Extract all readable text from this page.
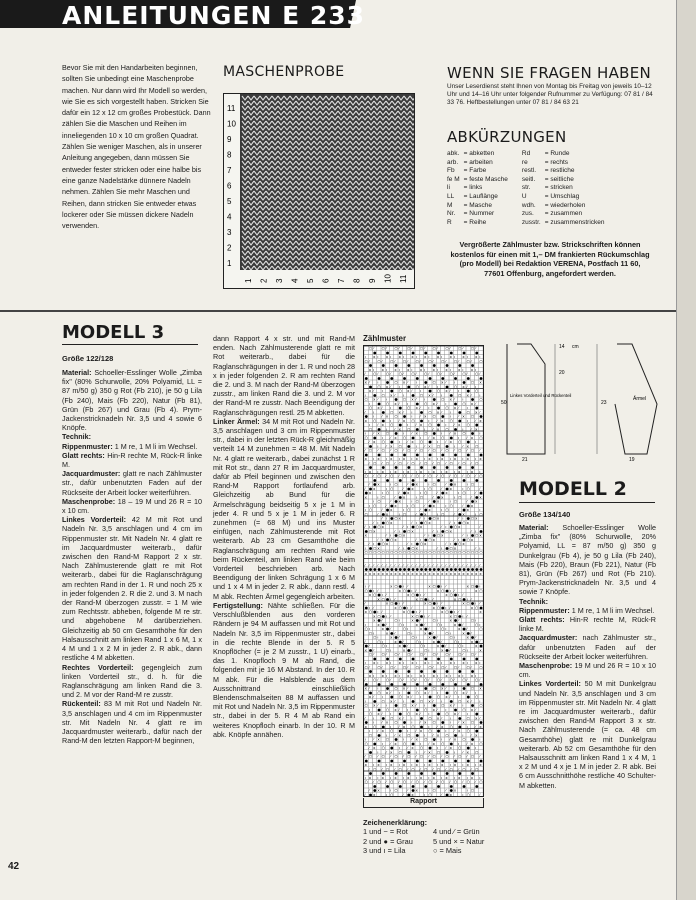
ANLEITUNGEN E 233

Bevor Sie mit den Handarbeiten beginnen, sollten Sie unbedingt eine Maschenprobe machen. Nur dann wird Ihr Modell so werden, wie Sie es sich vorgestellt haben. Stricken Sie dafür ein 12 x 12 cm großes Probestück. Dann zählen Sie die Maschen und Reihen im inneliegenden 10 x 10 cm großen Quadrat. Zählen Sie weniger Maschen, als in unserer Anleitung angegeben, dann müssen Sie entweder fester stricken oder eine halbe bis eine ganze Nadelstärke dünnere Nadeln nehmen. Zählen Sie mehr Maschen und Reihen, dann stricken Sie entweder etwas lockerer oder Sie müssen dickere Nadeln verwenden.

MASCHENPROBE
1
2
3
4
5
6
7
8
9
10
11
1 2 3 4 5 6 7 8 9 10 11
WENN SIE FRAGEN HABEN

Unser Leserdienst steht Ihnen von Montag bis Freitag von jeweils 10–12 Uhr und 14–16 Uhr unter folgender Rufnummer zu Verfügung: 07 81 / 84 33 76. Heftbestellungen unter 07 81 / 84 63 21

ABKÜRZUNGEN
abk.	= abketten	Rd	= Runde
arb.	= arbeiten	re	= rechts
Fb	= Farbe	restl.	= restliche
fe M	= feste Masche	seitl.	= seitliche
li	= links	str.	= stricken
LL	= Lauflänge	U	= Umschlag
M	= Masche	wdh.	= wiederholen
Nr.	= Nummer	zus.	= zusammen
R	= Reihe	zusstr.	= zusammenstricken

Vergrößerte Zählmuster bzw. Strickschriften können kostenlos für einen mit 1,– DM frankierten Rückumschlag (pro Modell) bei Redaktion VERENA, Postfach 11 60, 77601 Offenburg, angefordert werden.

MODELL 3
Größe 122/128
Material: Schoeller-Esslinger Wolle „Zimba fix" (80% Schurwolle, 20% Polyamid, LL = 87 m/50 g) 350 g Rot (Fb 210), je 50 g Lila (Fb 240), Mais (Fb 220), Natur (Fb 81), Grün (Fb 267) und Grau (Fb 4). Prym-Jackenstricknadeln Nr. 3,5 und 4 sowie 6 Knöpfe.
Technik:
Rippenmuster: 1 M re, 1 M li im Wechsel.
Glatt rechts: Hin-R rechte M, Rück-R linke M.
Jacquardmuster: glatt re nach Zählmuster str., dafür unbenutzten Faden auf der Rückseite der Arbeit locker weiterführen.
Maschenprobe: 18 – 19 M und 26 R = 10 x 10 cm.
Linkes Vorderteil: 42 M mit Rot und Nadeln Nr. 3,5 anschlagen und 4 cm im Rippenmuster str. Mit Nadeln Nr. 4 glatt re im Jacquardmuster weiterarb., dafür zwischen den Rand-M Rapport 2 x str. Nach Zählmusterende glatt re mit Rot weiterarb., dabei für die Raglanschrägung am rechten Rand in der 1. R und noch 25 x in jeder folgenden 2. R die 2. und 3. M nach der Rand-M überzogen zusstr. = 1 M wie zum Rechtsstr. abheben, folgende M re str. und abgehobene M darüberziehen. Gleichzeitig ab 50 cm Gesamthöhe für den Halsausschnitt am linken Rand 1 x 6 M, 1 x 4 M und 1 x 2 M in jeder 2. R abk., dann restliche 4 M abketten.
Rechtes Vorderteil: gegengleich zum linken Vorderteil str., d. h. für die Raglanschrägung am linken Rand die 3. und 2. M vor der Rand-M re zusstr.
Rückenteil: 83 M mit Rot und Nadeln Nr. 3,5 anschlagen und 4 cm im Rippenmuster str. Mit Nadeln Nr. 4 glatt re im Jacquardmuster weiterarb., dafür nach der Rand-M den letzten Rapport-M beginnen,
dann Rapport 4 x str. und mit Rand-M enden. Nach Zählmusterende glatt re mit Rot weiterarb., dabei für die Raglanschrägungen in der 1. R und noch 28 x in jeder folgenden 2. R am rechten Rand die 2. und 3. M nach der Rand-M überzogen zusstr., am linken Rand die 3. und 2. M vor der Rand-M re zusstr. Nach Beendigung der Raglanschrägungen restl. 25 M abketten.
Linker Ärmel: 34 M mit Rot und Nadeln Nr. 3,5 anschlagen und 3 cm im Rippenmuster str., dabei in der letzten Rück-R gleichmäßig verteilt 14 M zunehmen = 48 M. Mit Nadeln Nr. 4 glatt re weiterarb., dabei zunächst 1 R mit Rot str., dann 27 R im Jacquardmuster, dafür ab Pfeil beginnen und zwischen den Rand-M Rapport fortlaufend arb. Gleichzeitig ab Bund für die Ärmelschrägung beidseitig 5 x je 1 M in jeder 4. R und 5 x je 1 M in jeder 6. R zunehmen (= 68 M) und ins Muster einfügen, nach Zählmusterende mit Rot weiterarb. Ab 23 cm Gesamthöhe die Raglanschrägung am rechten Rand wie beim Rückenteil, am linken Rand wie beim Vorderteil beschrieben arb. Nach Beendigung der linken Schrägung 1 x 6 M und 1 x 4 M in jeder 2. R abk., dann restl. 4 M abk. Rechten Ärmel gegengleich arbeiten.
Fertigstellung: Nähte schließen. Für die Verschlußblenden aus den vorderen Rändern je 94 M auffassen und mit Rot und Nadeln Nr. 3,5 im Rippenmuster str., dabei in die rechte Blende in der 5. R 5 Knopflöcher (= je 2 M zusstr., 1 U) einarb., das 1. Knopfloch 9 M ab Rand, die folgenden mit je 16 M Abstand. In der 10. R M abk. Für die Halsblende aus dem Ausschnittrand einschließlich Blendenschmalseiten 88 M auffassen und mit Rot und Nadeln Nr. 3,5 im Rippenmuster str., dabei in der 5. R 4 M ab Rand ein weiteres Knopfloch einarb. In der 10. R M abk. Knöpfe annähen.
Zählmuster
○ ⁄	○ ⁄	○ ⁄	○ ⁄	○ ⁄	○ ⁄	○ ⁄	○ ⁄	○ ⁄
● ● ● ● ● ● ● ● ●
ı x ı x ı x ı x ı x ı x ı x ı x ı x ı
○ ⁄	○ ⁄	○ ⁄	○ ⁄	○ ⁄	○ ⁄	○ ⁄	○ ⁄	○ ⁄	○
● ● ● ● ● ● ● ● ●
x ı x ı x ı x ı x ı x ı x ı x ı x ı
⁄	○ ⁄	○ ⁄	○ ⁄	○ ⁄	○ ⁄	○ ⁄	○ ⁄	○ ⁄	○ ⁄
● ● ● ● ● ● ● ● ● ●
x ⁄	ı ● ○ x ⁄	ı ● ○ x ⁄	ı ● ○ x
● ○ x ⁄	ı ● ○ x ⁄	ı ● ○ x ⁄	ı
x ⁄	ı ● ○ x ⁄	ı ● ○ x ⁄	ı ● ○
ı ● ○ x ⁄	ı ● ○ x ⁄	ı ● ○ x ⁄	ı
○ x ⁄	ı ● ○ x ⁄	ı ● ○ x ⁄	ı ● ○
ı ● ○ x ⁄	ı ● ○ x ⁄	ı ● ○ x ⁄
○ x ⁄	ı ● ○ x ⁄	ı ● ○ x ⁄	ı ●
⁄	ı ● ○ x ⁄	ı ● ○ x ⁄	ı ● ○ x ⁄
● ı ⁄ x ○ ● ı ⁄ x ○ ● ı ⁄ x ○ ●
x ○ ● ı ⁄ x ○ ● ı ⁄ x ○ ● ı ⁄ x
ı ⁄ x ○ ● ı ⁄ x ○ ● ı ⁄ x ○ ●
○ ● ı ⁄ x ○ ● ı ⁄ x ○ ● ı ⁄ x
ı ⁄ x ○ ● ı ⁄ x ○ ● ı ⁄ x ○ ● ı
○ ● ı ⁄ x ○ ● ı ⁄ x ○ ● ı ⁄ x ○
⁄ x ○ ● ı ⁄ x ○ ● ı ⁄ x ○ ● ı
● ı ⁄ x ○ ● ı ⁄ x ○ ● ı ⁄ x ○
⁄ ○ ⁄ ○ ⁄ ○ ⁄ ○ ⁄ ○ ⁄ ○ ⁄ ○ ⁄ ○ ⁄ ○ ⁄
● ● ● ● ● ● ● ● ● ●
x ı x ı x ı x ı x ı x ı x ı x ı x ı x
⁄ ○ ⁄ ○ ⁄ ○ ⁄ ○ ⁄ ○ ⁄ ○ ⁄ ○ ⁄ ○ ⁄ ○
● ● ● ● ● ● ● ● ●
ı x ı x ı x ı x ı x ı x ı x ı x ı x ı
○ ⁄ ○ ⁄ ○ ⁄ ○ ⁄ ○ ⁄ ○ ⁄ ○ ⁄ ○ ⁄ ○ ⁄ ○
● ● ● ● ● ● ● ● ●
⁄ ● x	ı ○ ⁄ ● x	ı ○ ⁄ ● x	ı ○
⁄ ● x	ı ○ ⁄ ● x	ı ○ ⁄ ● x	ı ○ ⁄
● x	ı ○ ⁄ ● x	ı ○ ⁄ ● x	ı ○ ⁄ ●
x	ı ○ ⁄ ● x	ı ○ ⁄ ● x	ı ○ ⁄ ● x
ı ○ ⁄ ● x	ı ○ ⁄ ● x	ı ○ ⁄ ● x
ı ○ ⁄ ● x	ı ○ ⁄ ● x	ı ○ ⁄ ● x
ı ○ ⁄ ● x	ı ○ ⁄ ● x	ı ○ ⁄ ● x	ı
○ ⁄ ● x	ı ○ ⁄ ● x	ı ○ ⁄ ● x	ı ○
⁄ ı ● ○ x	⁄ ı ● ○ x	⁄ ı ● ○ x
⁄ ı ● ○ x	⁄ ı ● ○ x	⁄ ı ● ○ x
⁄ ı ● ○ x	⁄ ı ● ○ x	⁄ ı ● ○ x	⁄
● ○ x	⁄ ı ● ○ x	⁄ ı ● ○ x	⁄ ı ●
x	⁄ ı ● ○ x	⁄ ı ● ○ x	⁄ ı ● ○ x
⁄ ı ● ○ x	⁄ ı ● ○ x	⁄ ı ● ○ x
⁄ ı ● ○ x	⁄ ı ● ○ x	⁄ ı ● ○ x
ı ● ○ x	⁄ ı ● ○ x	⁄ ı ● ○ x	⁄ ı
○ ○ ○ ○ ○ ○ ○ ○ ○ ○ ○ ○ ○ ○ ○ ○ ○ ○ ○ ○ ○ ○ ○ ○ ○ ○ ○ ○
⁄ ⁄ ⁄ ⁄ ⁄ ⁄ ⁄ ⁄ ⁄ ⁄ ⁄ ⁄ ⁄ ⁄ ⁄ ⁄ ⁄ ⁄ ⁄ ⁄ ⁄ ⁄ ⁄ ⁄ ⁄ ⁄ ⁄ ⁄
● ● ● ● ● ● ● ● ● ● ● ● ● ● ● ● ● ● ● ● ● ● ● ● ● ● ● ●
x x x x x x x x x x x x x x x x x x x x x x x x x x x x
ı ⁄	x ○ ● ı ⁄	x ○ ● ı ⁄	x ○ ● ı
○ ● ı ⁄	x ○ ● ı ⁄	x ○ ● ı ⁄	x ○
x ○ ● ı ⁄	x ○ ● ı ⁄	x ○ ● ı ⁄
x ○ ● ı ⁄	x ○ ● ı ⁄	x ○ ● ı ⁄
⁄	x ○ ● ı ⁄	x ○ ● ı ⁄	x ○ ● ı ⁄
● ı ⁄	x ○ ● ı ⁄	x ○ ● ı ⁄	x ○ ●
x ○ ● ı ⁄	x ○ ● ı ⁄	x ○ ● ı ⁄	x
x ○ ● ı ⁄	x ○ ● ı ⁄	x ○ ● ı ⁄
x ● ⁄	○ ı	x ● ⁄	○ ı	x ● ⁄	○ ı
ı	x ● ⁄	○ ı	x ● ⁄	○ ı	x ● ⁄	○ ı
○ ı	x ● ⁄	○ ı	x ● ⁄	○ ı	x ● ⁄	○
○ ı	x ● ⁄	○ ı	x ● ⁄	○ ı	x ● ⁄
○ ı	x ● ⁄	○ ı	x ● ⁄	○ ı	x ● ⁄
⁄	○ ı	x ● ⁄	○ ı	x ● ⁄	○ ı	x ● ⁄
● ⁄	○ ı	x ● ⁄	○ ı	x ● ⁄	○ ı	x ●
x ● ⁄	○ ı	x ● ⁄	○ ı	x ● ⁄	○ ı	x
○ ⁄	○ ⁄	○ ⁄	○ ⁄	○ ⁄	○ ⁄	○ ⁄	○ ⁄	○ ⁄
● ● ● ● ● ● ● ● ●
ı x ı x ı x ı x ı x ı x ı x ı x ı x ı
○ ⁄	○ ⁄	○ ⁄	○ ⁄	○ ⁄	○ ⁄	○ ⁄	○ ⁄	○ ⁄	○
● ● ● ● ● ● ● ● ●
x ı x ı x ı x ı x ı x ı x ı x ı x ı
⁄	○ ⁄	○ ⁄	○ ⁄	○ ⁄	○ ⁄	○ ⁄	○ ⁄	○ ⁄	○ ⁄
● ● ● ● ● ● ● ● ● ●
x ⁄	ı ● ○ x ⁄	ı ● ○ x ⁄	ı ● ○ x
● ○ x ⁄	ı ● ○ x ⁄	ı ● ○ x ⁄	ı
x ⁄	ı ● ○ x ⁄	ı ● ○ x ⁄	ı ● ○
ı ● ○ x ⁄	ı ● ○ x ⁄	ı ● ○ x ⁄	ı
○ x ⁄	ı ● ○ x ⁄	ı ● ○ x ⁄	ı ● ○
ı ● ○ x ⁄	ı ● ○ x ⁄	ı ● ○ x ⁄
○ x ⁄	ı ● ○ x ⁄	ı ● ○ x ⁄	ı ●
⁄	ı ● ○ x ⁄	ı ● ○ x ⁄	ı ● ○ x ⁄
● ı ⁄ x ○ ● ı ⁄ x ○ ● ı ⁄ x ○ ●
x ○ ● ı ⁄ x ○ ● ı ⁄ x ○ ● ı ⁄ x
ı ⁄ x ○ ● ı ⁄ x ○ ● ı ⁄ x ○ ●
○ ● ı ⁄ x ○ ● ı ⁄ x ○ ● ı ⁄ x
ı ⁄ x ○ ● ı ⁄ x ○ ● ı ⁄ x ○ ● ı
○ ● ı ⁄ x ○ ● ı ⁄ x ○ ● ı ⁄ x ○
⁄ x ○ ● ı ⁄ x ○ ● ı ⁄ x ○ ● ı
● ı ⁄ x ○ ● ı ⁄ x ○ ● ı ⁄ x ○
⁄ ○ ⁄ ○ ⁄ ○ ⁄ ○ ⁄ ○ ⁄ ○ ⁄ ○ ⁄ ○ ⁄ ○ ⁄
● ● ● ● ● ● ● ● ● ●
x ı x ı x ı x ı x ı x ı x ı x ı x ı x
⁄ ○ ⁄ ○ ⁄ ○ ⁄ ○ ⁄ ○ ⁄ ○ ⁄ ○ ⁄ ○ ⁄ ○
● ● ● ● ● ● ● ● ●
ı x ı x ı x ı x ı x ı x ı x ı x ı x ı
○ ⁄ ○ ⁄ ○ ⁄ ○ ⁄ ○ ⁄ ○ ⁄ ○ ⁄ ○ ⁄ ○ ⁄ ○
● ● ● ● ● ● ● ● ●
⁄ ● x	ı ○ ⁄ ● x	ı ○ ⁄ ● x	ı ○
⁄ ● x	ı ○ ⁄ ● x	ı ○ ⁄ ● x	ı ○ ⁄
Rapport
Zeichenerklärung:
1 und − = Rot	4 und ⁄ = Grün
2 und ● = Grau	5 und × = Natur
3 und ı = Lila	○ = Mais
Linkes Vorderteil und Rückenteil
Ärmel
50
21
14 cm
20
23
19
MODELL 2
Größe 134/140
Material: Schoeller-Esslinger Wolle „Zimba fix" (80% Schurwolle, 20% Polyamid, LL = 87 m/50 g) 350 g Dunkelgrau (Fb 4), je 50 g Lila (Fb 240), Mais (Fb 220), Braun (Fb 221), Natur (Fb 81), Grün (Fb 267) und Rot (Fb 210). Prym-Jackenstricknadeln Nr. 3,5 und 4 sowie 7 Knöpfe.
Technik:
Rippenmuster: 1 M re, 1 M li im Wechsel.
Glatt rechts: Hin-R rechte M, Rück-R linke M.
Jacquardmuster: nach Zählmuster str., dafür unbenutzten Faden auf der Rückseite der Arbeit locker weiterführen.
Maschenprobe: 19 M und 26 R = 10 x 10 cm.
Linkes Vorderteil: 50 M mit Dunkelgrau und Nadeln Nr. 3,5 anschlagen und 3 cm im Rippenmuster str. Mit Nadeln Nr. 4 glatt re im Jacquardmuster weiterarb., dafür zwischen den Rand-M Rapport 3 x str. Nach Zählmusterende (= ca. 48 cm Gesamthöhe) glatt re mit Dunkelgrau weiterarb. Ab 52 cm Gesamthöhe für den Halsausschnitt am linken Rand 1 x 4 M, 1 x 2 M und 4 x je 1 M in jeder 2. R abk. Bei 6 cm Ausschnitthöhe restliche 40 Schulter-M abketten.
42
